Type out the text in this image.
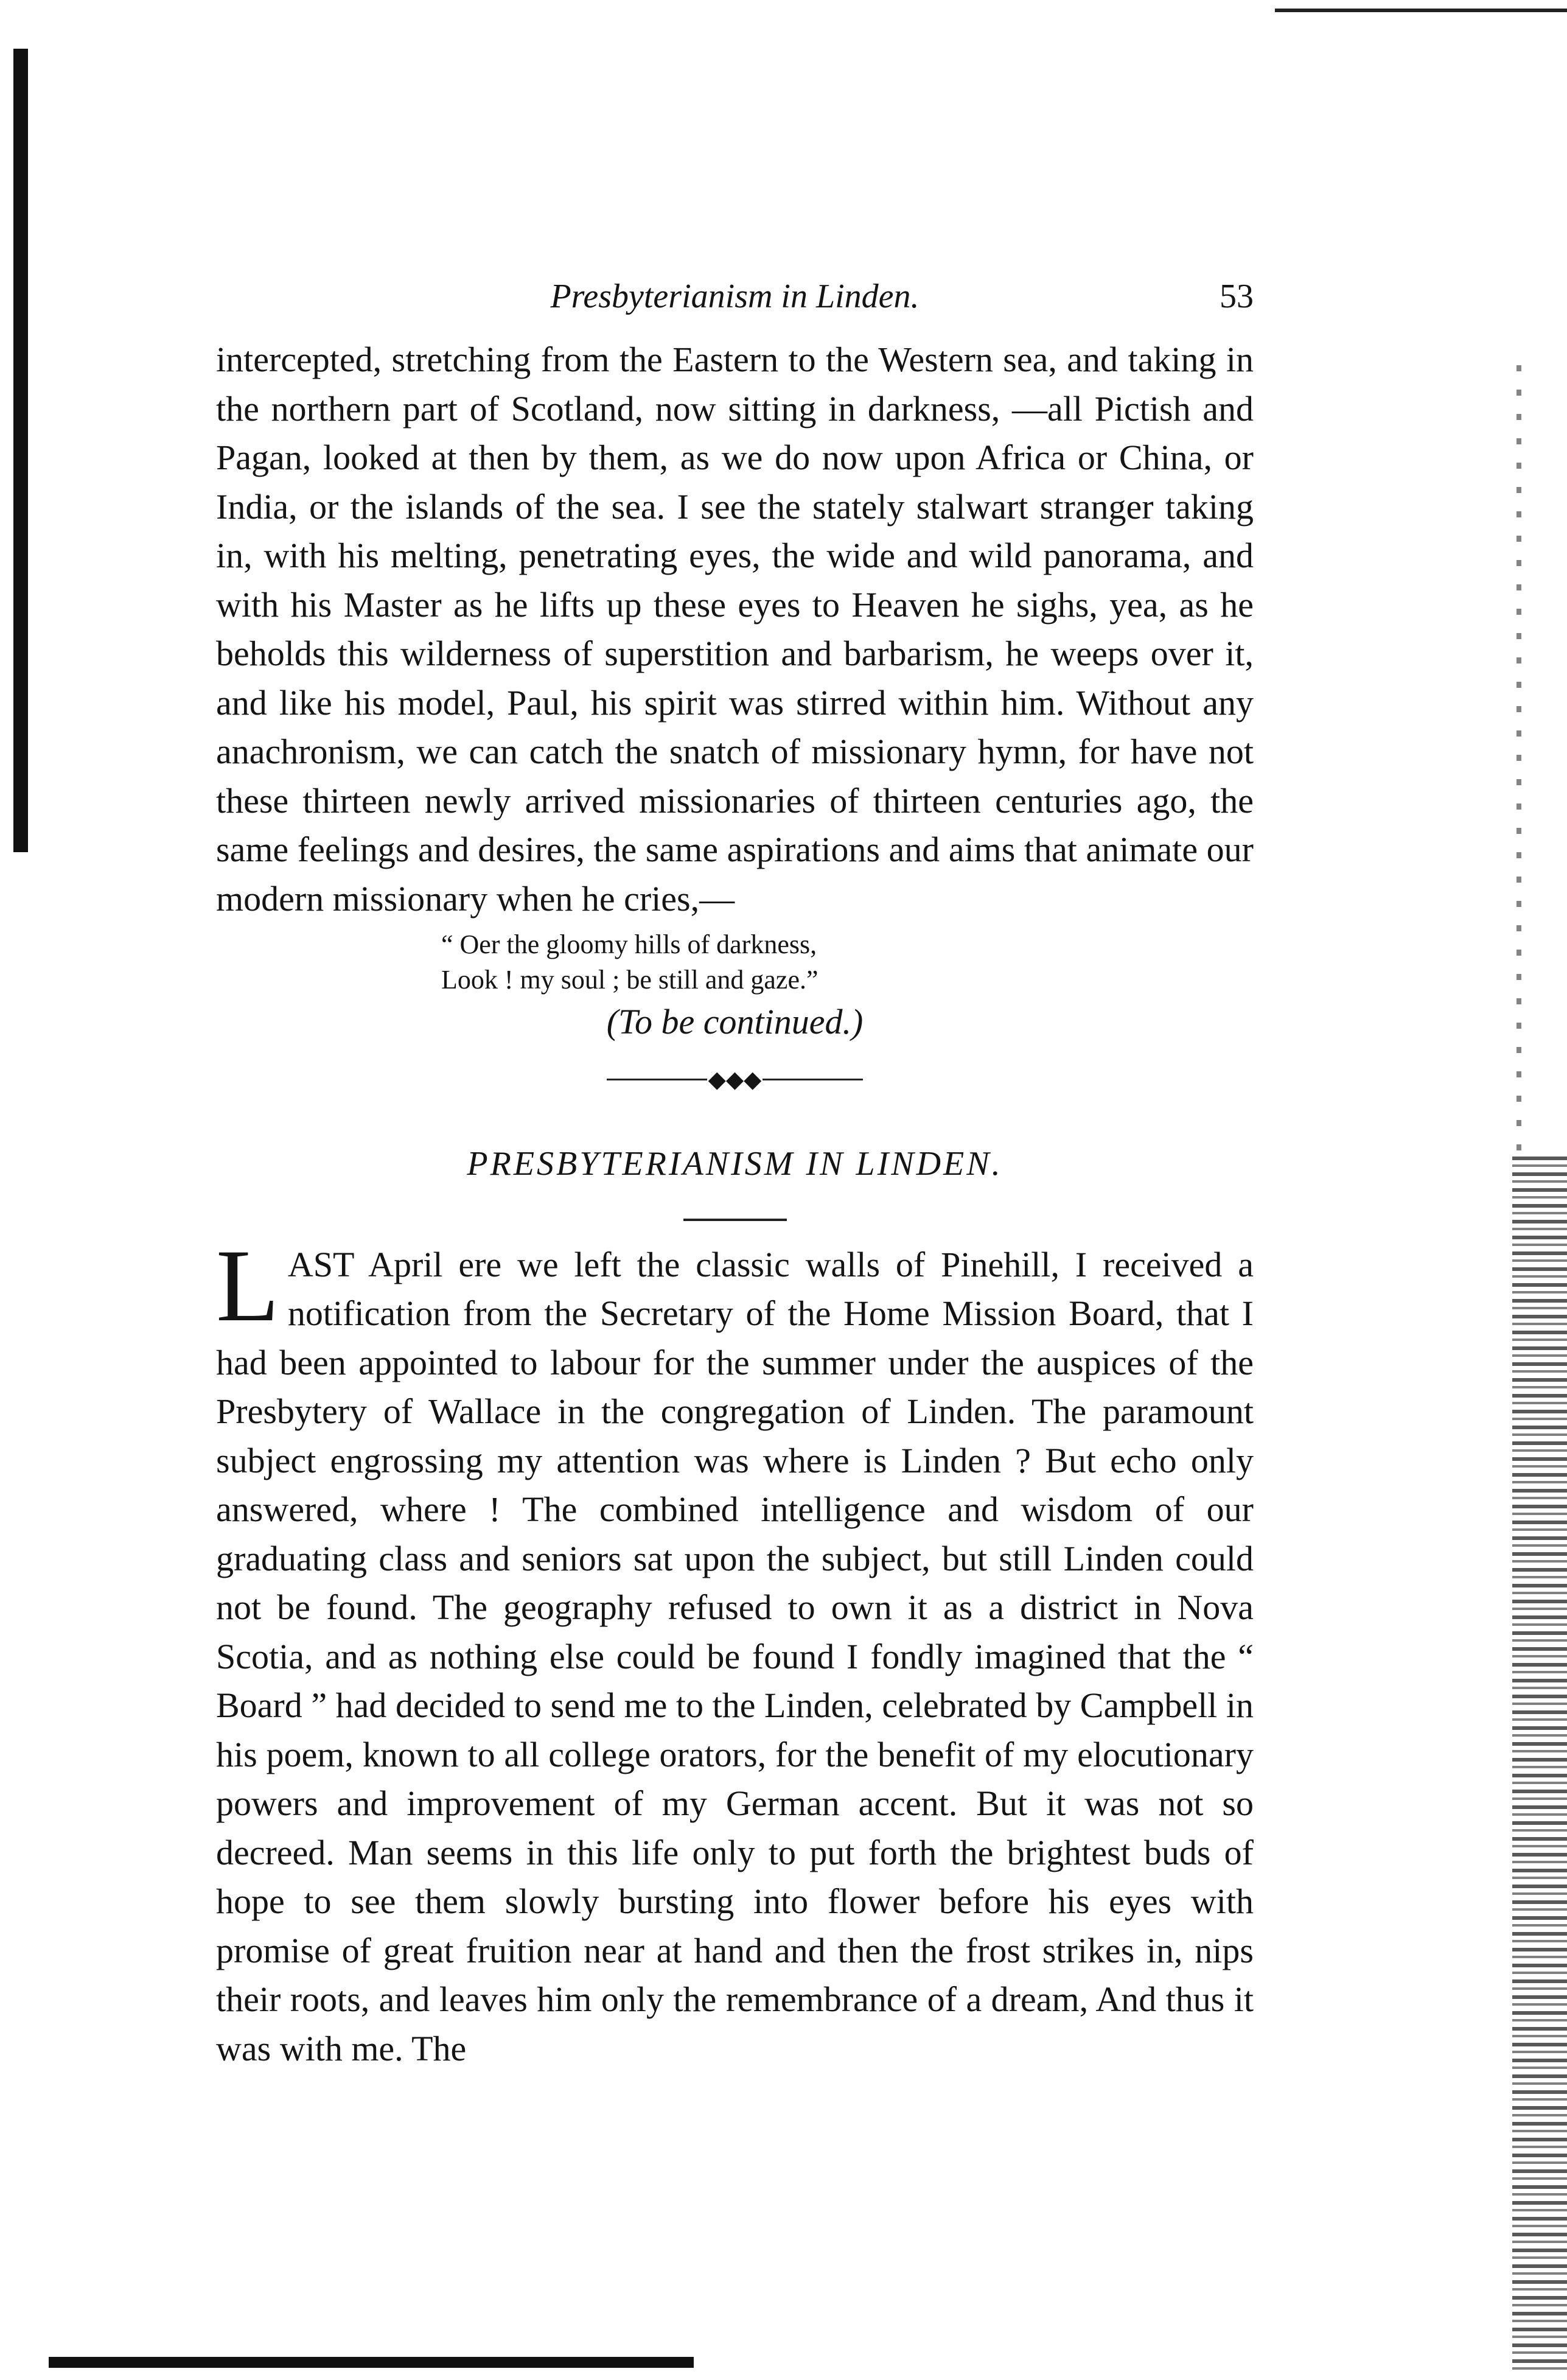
Presbyterianism in Linden.	53

intercepted, stretching from the Eastern to the Western sea, and taking in the northern part of Scotland, now sitting in darkness, —all Pictish and Pagan, looked at then by them, as we do now upon Africa or China, or India, or the islands of the sea. I see the stately stalwart stranger taking in, with his melting, penetrating eyes, the wide and wild panorama, and with his Master as he lifts up these eyes to Heaven he sighs, yea, as he beholds this wilderness of superstition and barbarism, he weeps over it, and like his model, Paul, his spirit was stirred within him. Without any anachronism, we can catch the snatch of missionary hymn, for have not these thirteen newly arrived missionaries of thirteen centuries ago, the same feelings and desires, the same aspirations and aims that animate our modern missionary when he cries,—

“ Oer the gloomy hills of darkness,
Look ! my soul ; be still and gaze.”
(To be continued.)
◆◆◆
PRESBYTERIANISM IN LINDEN.

LAST April ere we left the classic walls of Pinehill, I received a notification from the Secretary of the Home Mission Board, that I had been appointed to labour for the summer under the auspices of the Presbytery of Wallace in the congregation of Linden. The paramount subject engrossing my attention was where is Linden ? But echo only answered, where ! The combined intelligence and wisdom of our graduating class and seniors sat upon the subject, but still Linden could not be found. The geography refused to own it as a district in Nova Scotia, and as nothing else could be found I fondly imagined that the “ Board ” had decided to send me to the Linden, celebrated by Campbell in his poem, known to all college orators, for the benefit of my elocutionary powers and improvement of my German accent. But it was not so decreed. Man seems in this life only to put forth the brightest buds of hope to see them slowly bursting into flower before his eyes with promise of great fruition near at hand and then the frost strikes in, nips their roots, and leaves him only the remembrance of a dream, And thus it was with me. The
